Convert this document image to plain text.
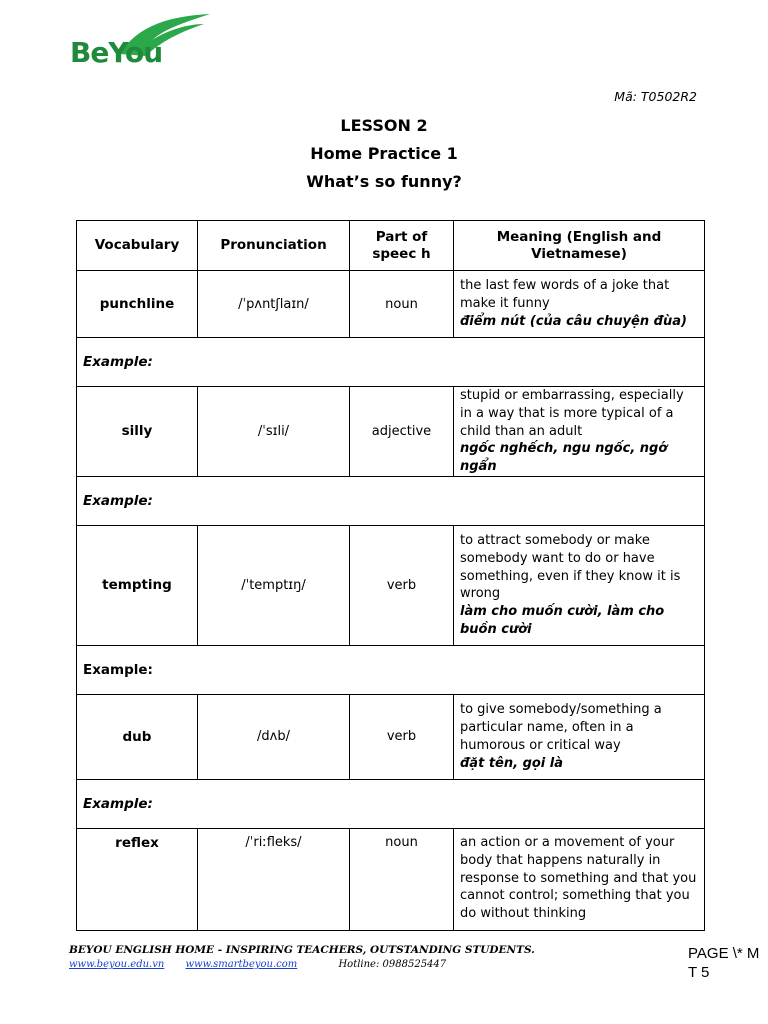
BeYou
Mã: T0502R2
LESSON 2
Home Practice 1
What’s so funny?
Vocabulary	Pronunciation	Part of speec h	Meaning (English and Vietnamese)
punchline	/ˈpʌntʃlaɪn/	noun	the last few words of a joke that make it funny
điểm nút (của câu chuyện đùa)

Example:			
silly	/ˈsɪli/	adjective	stupid or embarrassing, especially in a way that is more typical of a child than an adult
ngốc nghếch, ngu ngốc, ngớ ngẩn

Example:			
tempting	/ˈtemptɪŋ/	verb	to attract somebody or make somebody want to do or have something, even if they know it is wrong
làm cho muốn cười, làm cho buồn cười

Example:			
dub	/dʌb/	verb	to give somebody/something a particular name, often in a humorous or critical way
đặt tên, gọi là

Example:			
reflex	/ˈriːfleks/	noun	an action or a movement of your body that happens naturally in response to something and that you cannot control; something that you do without thinking
BEYOU ENGLISH HOME - INSPIRING TEACHERS, OUTSTANDING STUDENTS.
www.beyou.edu.vn www.smartbeyou.com	Hotline: 0988525447
PAGE \* M
T 5
